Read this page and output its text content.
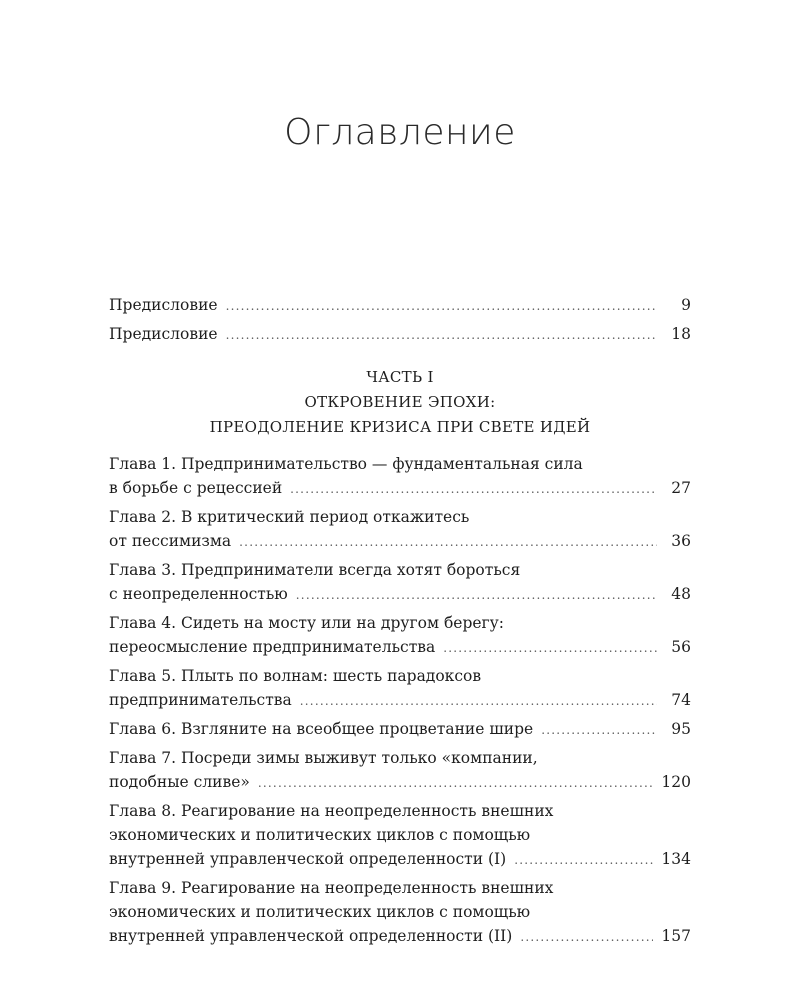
Оглавление
Предисловие .....	9
Предисловие .....	18
ЧАСТЬ I
ОТКРОВЕНИЕ ЭПОХИ:
ПРЕОДОЛЕНИЕ КРИЗИСА ПРИ СВЕТЕ ИДЕЙ
Глава 1. Предпринимательство — фундаментальная сила
в борьбе с рецессией .....	27
Глава 2. В критический период откажитесь
от пессимизма .....	36
Глава 3. Предприниматели всегда хотят бороться
с неопределенностью .....	48
Глава 4. Сидеть на мосту или на другом берегу:
переосмысление предпринимательства .....	56
Глава 5. Плыть по волнам: шесть парадоксов
предпринимательства .....	74
Глава 6. Взгляните на всеобщее процветание шире .....	95
Глава 7. Посреди зимы выживут только «компании,
подобные сливе» .....	120
Глава 8. Реагирование на неопределенность внешних
экономических и политических циклов с помощью
внутренней управленческой определенности (I) .....	134
Глава 9. Реагирование на неопределенность внешних
экономических и политических циклов с помощью
внутренней управленческой определенности (II) .....	157
